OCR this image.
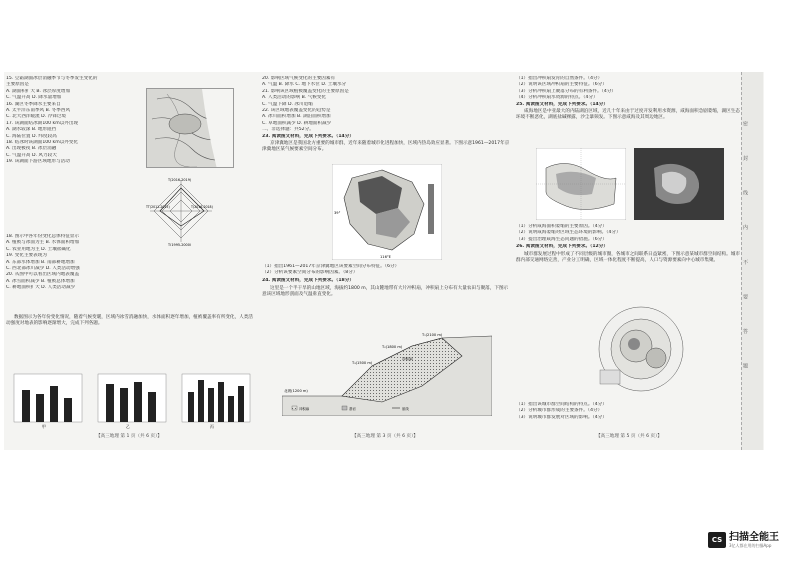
15. 豆霜湖面冰层消融季节与冬季发生变化的
主要原因是
A. 湖面积扩大 B. 冰层厚度增加
C. 气温升高 D. 降水量增加
16. 湖区冬季降水主要来自
A. 太平洋东南季风 B. 冬季西风
C. 北大西洋暖流 D. 冷锋过境
17. 该湖面结冰期100 km以外出现
A. 湖水较深 B. 地形阻挡
C. 海陆位置 D. 纬度较高
18. 结冰时该湖面100 km以外变化
A. 出现极夜 B. 冰层消融
C. 气温升高 D. 风力较大
19. 该湖面下游区域地形与活动
T(2016-2019)
TT(2011-2015)	T(2016-2018)
T(1995-2000)
18. 图示中各年份变化总体特征显示
A. 植被与冰面为主 B. 水体面积增加
C. 农业用地为主 D. 土壤盐碱化
19. 变化主要表现为
A. 东部水体增加 B. 南部耕地增加
C. 西北部冰川减少 D. 人类活动增强
20. 从图中可以看出区域内地表覆盖
A. 冰雪面积减少 B. 植被总体增加
C. 耕地面积扩大 D. 人类活动减少
数据图示为各年份变化情况，随着气候变暖，区域内冰雪消融加快，水体面积逐年增加，植被覆盖率有所变化，人类活动强度对地表的影响逐渐增大，完成下列各题。
甲	乙	丙
【高三地理 第 1 页（共 6 页）】
20. 影响区域气候变化的主要因素有
A. 气温 B. 降水 C. 地下水位 D. 土壤水分
21. 影响该区域植被覆盖变化的主要原因是
A. 人类活动的影响 B. 气候变化
C. 气温下降 D. 冰川退缩
22. 该区域地表覆盖变化的趋势是
A. 冰川面积增加 B. 湖泊面积增加
C. 草地面积减少 D. 耕地面积减少
二、非选择题：共52分。
23. 阅读图文材料，完成下列要求。（14分）
京津冀地区是我国北方重要的城市群，近年来随着城市化进程加快，区域内热岛效应显著。下图示意1961—2017年京津冀地区某气候要素空间分布。
39°
116°E
（1）指出1961—2017年京津冀地区该要素空间分布特征。（6分）
（2）分析该要素空间分布的影响因素。（8分）
24. 阅读图文材料，完成下列要求。（18分）
这里是一个半干旱的山地区域，海拔约1800 m，其山麓地带有大片冲积扇，冲积扇上分布有大量农田与聚落，下图示意该区域地形剖面及气温垂直变化。
T₁(2100 m)
T₂(1800 m)
T₃(1500 m)
北坡(1200 m)
冲积扇
冲积扇	基岩	崖线
【高三地理 第 3 页（共 6 页）】
（1）指出冲积扇发育的自然条件。（4分）
（2）说明该区域冲积扇的主要特征。（6分）
（3）分析冲积扇上聚落分布的有利条件。（4分）
（4）分析冲积扇水资源的特点。（4分）
25. 阅读图文材料，完成下列要求。（14分）
咸海地区是中亚最大的内陆湖泊区域，近几十年来由于过度开发利用水资源，咸海面积急剧萎缩，湖区生态环境不断恶化，湖底盐碱裸露，沙尘暴频发。下图示意咸海及其周边地区。
（1）分析咸海面积萎缩的主要原因。（4分）
（2）说明咸海萎缩对区域生态环境的影响。（4分）
（3）提出治理咸海生态问题的措施。（6分）
26. 阅读图文材料，完成下列要求。（12分）
城市群发展过程中形成了不同层级的城市圈，各城市之间联系日益紧密，下图示意某城市群空间结构。城市群内部交通网络完善，产业分工明确，区域一体化程度不断提高，人口与资源要素向中心城市集聚。
（1）指出该城市群空间结构的特点。（4分）
（2）分析城市群形成的主要条件。（4分）
（3）说明城市群发展对区域的影响。（4分）
【高三地理 第 5 页（共 6 页）】
密 封 线 内 不 要 答 题
CS 扫描全能王
3亿人都在用的扫描App
